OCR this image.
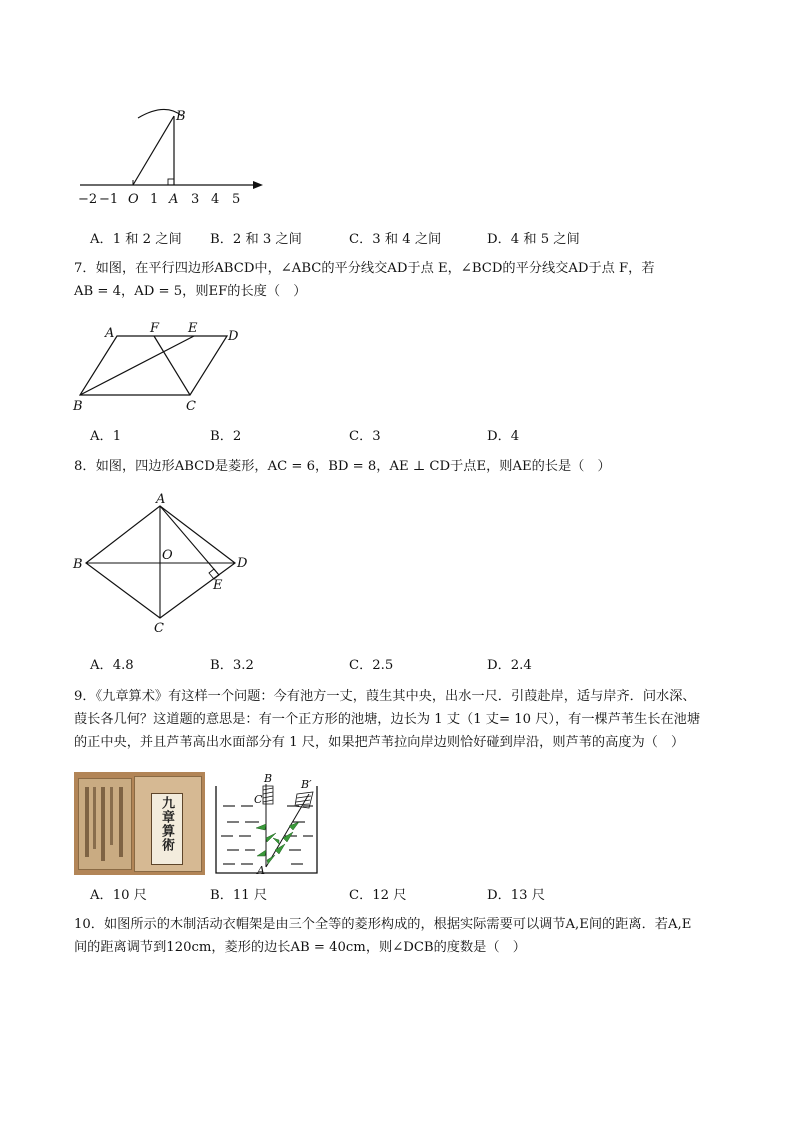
−2 −1 O 1 A 3 4 5
B
A．1 和 2 之间 B．2 和 3 之间	C．3 和 4 之间	D．4 和 5 之间
7．如图，在平行四边形ABCD中，∠ABC的平分线交AD于点 E，∠BCD的平分线交AD于点 F，若
AB = 4，AD = 5，则EF的长度（　）
A	F E
D
B	C
A．1	B．2	C．3	D．4
8．如图，四边形ABCD是菱形，AC = 6，BD = 8，AE ⊥ CD于点E，则AE的长是（　）
A
B
O
D
E
C
A．4.8	B．3.2	C．2.5	D．2.4
9．《九章算术》有这样一个问题：今有池方一丈，葭生其中央，出水一尺．引葭赴岸，适与岸齐．问水深、
葭长各几何？这道题的意思是：有一个正方形的池塘，边长为 1 丈（1 丈= 10 尺），有一棵芦苇生长在池塘
的正中央，并且芦苇高出水面部分有 1 尺，如果把芦苇拉向岸边则恰好碰到岸沿，则芦苇的高度为（　）
九章算術
B
C
B′
A
A．10 尺	B．11 尺	C．12 尺	D．13 尺
10．如图所示的木制活动衣帽架是由三个全等的菱形构成的，根据实际需要可以调节A,E间的距离．若A,E
间的距离调节到120cm，菱形的边长AB = 40cm，则∠DCB的度数是（　）
